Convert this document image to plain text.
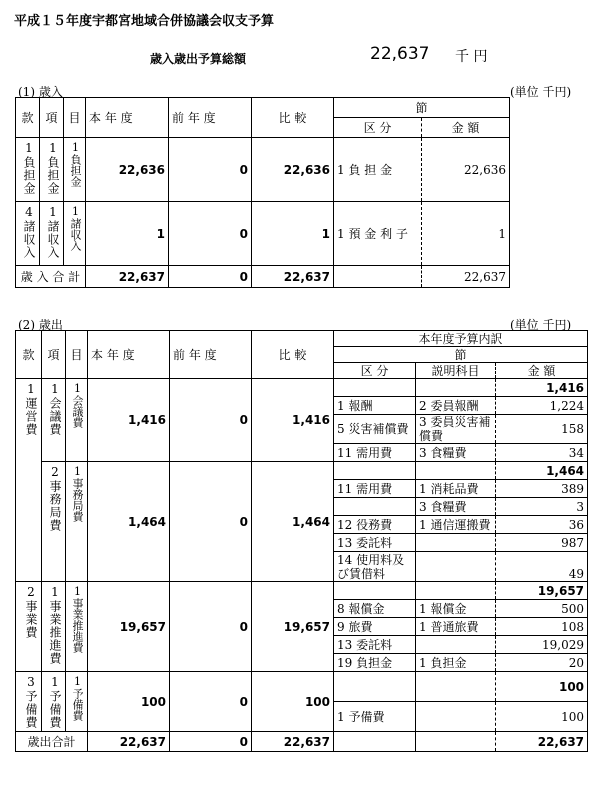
平成１５年度宇都宮地域合併協議会収支予算
歳入歳出予算総額	22,637 千 円
(1) 歳入	(単位 千円)
款	項	目	本 年 度	前 年 度	比 較	節	
						区 分	金 額
1負担金	1負担金	1負担金	22,636	0	22,636	1 負 担 金	22,636
4諸収入	1諸収入	1諸収入	1	0	1	1 預 金 利 子	1
歳 入 合 計			22,637	0	22,637		22,637
(2) 歳出	(単位 千円)
款	項	目	本 年 度	前 年 度	比 較	本年度予算内訳		
						節		
						区 分	説明科目	金 額
1運営費	1会議費	1会議費	1,416	0	1,416			1,416
						1 報酬	2 委員報酬	1,224
						5 災害補償費	3 委員災害補償費	158
						11 需用費	3 食糧費	34
	2事務局費	1事務局費	1,464	0	1,464			1,464
						11 需用費	1 消耗品費	389
							3 食糧費	3
						12 役務費	1 通信運搬費	36
						13 委託料		987
						14 使用料及び賃借料		49
2事業費	1事業推進費	1事業推進費	19,657	0	19,657			19,657
						8 報償金	1 報償金	500
						9 旅費	1 普通旅費	108
						13 委託料		19,029
						19 負担金	1 負担金	20
3予備費	1予備費	1予備費	100	0	100			100
						1 予備費		100
歳出合計			22,637	0	22,637			22,637
